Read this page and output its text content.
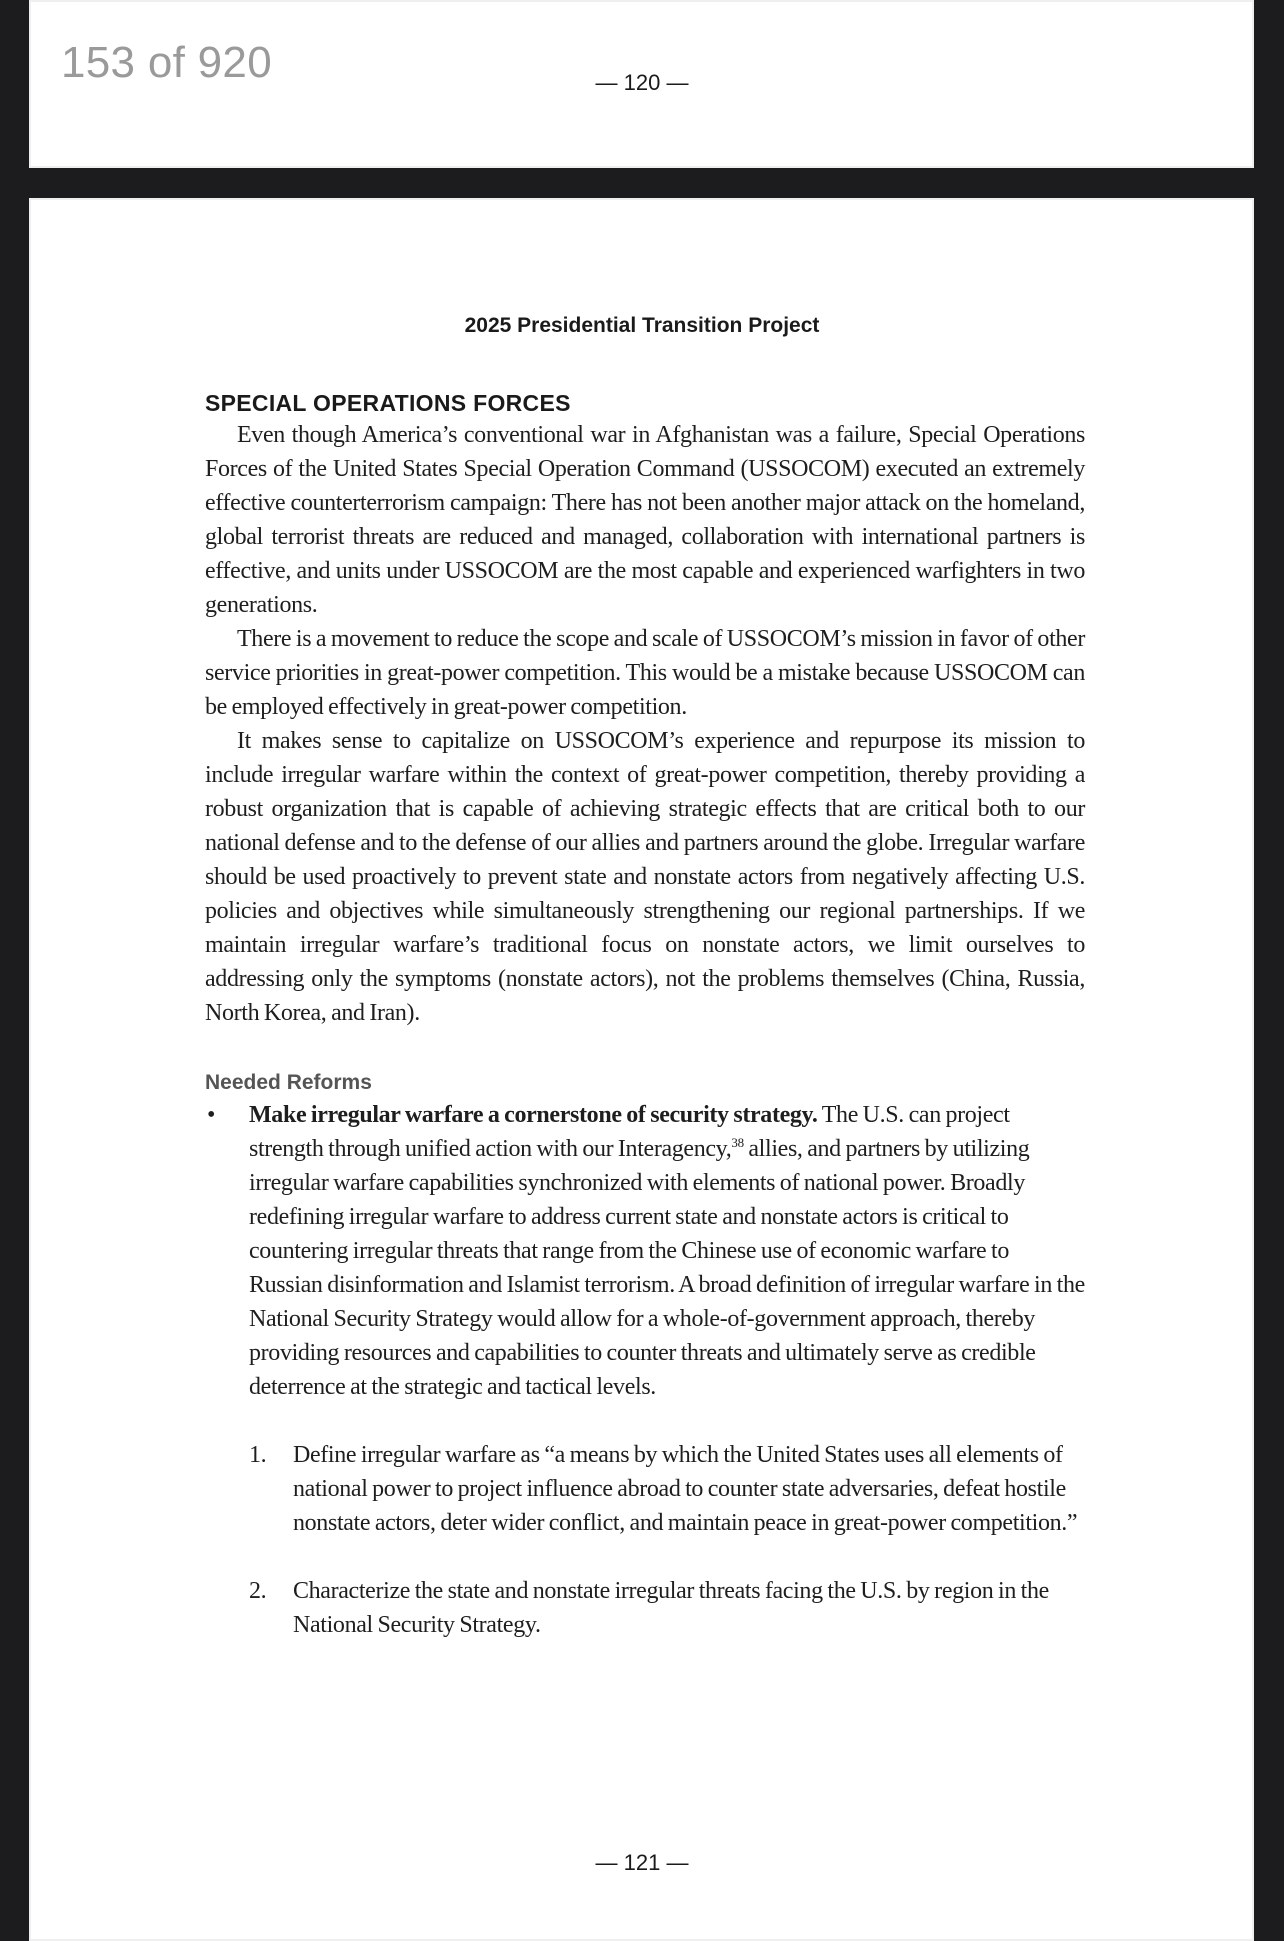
153 of 920	— 120 —
2025 Presidential Transition Project
SPECIAL OPERATIONS FORCES

Even though America’s conventional war in Afghanistan was a failure, Special Operations Forces of the United States Special Operation Command (USSOCOM) executed an extremely effective counterterrorism campaign: There has not been another major attack on the homeland, global terrorist threats are reduced and managed, collaboration with international partners is effective, and units under USSOCOM are the most capable and experienced warfighters in two generations.

There is a movement to reduce the scope and scale of USSOCOM’s mission in favor of other service priorities in great-power competition. This would be a mistake because USSOCOM can be employed effectively in great-power competition.

It makes sense to capitalize on USSOCOM’s experience and repurpose its mission to include irregular warfare within the context of great-power competition, thereby providing a robust organization that is capable of achieving strategic effects that are critical both to our national defense and to the defense of our allies and partners around the globe. Irregular warfare should be used proactively to prevent state and nonstate actors from negatively affecting U.S. policies and objectives while simultaneously strengthening our regional partnerships. If we maintain irregular warfare’s traditional focus on nonstate actors, we limit ourselves to addressing only the symptoms (nonstate actors), not the problems themselves (China, Russia, North Korea, and Iran).

Needed Reforms
• Make irregular warfare a cornerstone of security strategy. The U.S. can project strength through unified action with our Interagency,$^{38}$ allies, and partners by utilizing irregular warfare capabilities synchronized with elements of national power. Broadly redefining irregular warfare to address current state and nonstate actors is critical to countering irregular threats that range from the Chinese use of economic warfare to Russian disinformation and Islamist terrorism. A broad definition of irregular warfare in the National Security Strategy would allow for a whole-of-government approach, thereby providing resources and capabilities to counter threats and ultimately serve as credible deterrence at the strategic and tactical levels.
1. Define irregular warfare as “a means by which the United States uses all elements of national power to project influence abroad to counter state adversaries, defeat hostile nonstate actors, deter wider conflict, and maintain peace in great-power competition.”
2. Characterize the state and nonstate irregular threats facing the U.S. by region in the National Security Strategy.
— 121 —
